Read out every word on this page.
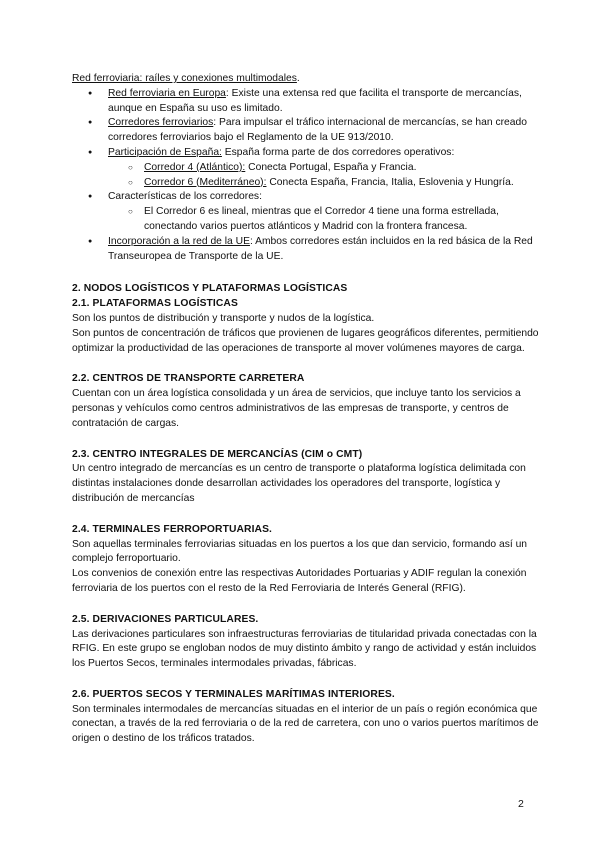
Red ferroviaria: raíles y conexiones multimodales.

● Red ferroviaria en Europa: Existe una extensa red que facilita el transporte de mercancías, aunque en España su uso es limitado.
● Corredores ferroviarios: Para impulsar el tráfico internacional de mercancías, se han creado corredores ferroviarios bajo el Reglamento de la UE 913/2010.
● Participación de España: España forma parte de dos corredores operativos:
○ Corredor 4 (Atlántico): Conecta Portugal, España y Francia.
○ Corredor 6 (Mediterráneo): Conecta España, Francia, Italia, Eslovenia y Hungría.
● Características de los corredores:
○ El Corredor 6 es lineal, mientras que el Corredor 4 tiene una forma estrellada, conectando varios puertos atlánticos y Madrid con la frontera francesa.
● Incorporación a la red de la UE: Ambos corredores están incluidos en la red básica de la Red Transeuropea de Transporte de la UE.

2. NODOS LOGÍSTICOS Y PLATAFORMAS LOGÍSTICAS

2.1. PLATAFORMAS LOGÍSTICAS

Son los puntos de distribución y transporte y nudos de la logística.

Son puntos de concentración de tráficos que provienen de lugares geográficos diferentes, permitiendo optimizar la productividad de las operaciones de transporte al mover volúmenes mayores de carga.

2.2. CENTROS DE TRANSPORTE CARRETERA

Cuentan con un área logística consolidada y un área de servicios, que incluye tanto los servicios a personas y vehículos como centros administrativos de las empresas de transporte, y centros de contratación de cargas.

2.3. CENTRO INTEGRALES DE MERCANCÍAS (CIM o CMT)

Un centro integrado de mercancías es un centro de transporte o plataforma logística delimitada con distintas instalaciones donde desarrollan actividades los operadores del transporte, logística y distribución de mercancías

2.4. TERMINALES FERROPORTUARIAS.

Son aquellas terminales ferroviarias situadas en los puertos a los que dan servicio, formando así un complejo ferroportuario.

Los convenios de conexión entre las respectivas Autoridades Portuarias y ADIF regulan la conexión ferroviaria de los puertos con el resto de la Red Ferroviaria de Interés General (RFIG).

2.5. DERIVACIONES PARTICULARES.

Las derivaciones particulares son infraestructuras ferroviarias de titularidad privada conectadas con la RFIG. En este grupo se engloban nodos de muy distinto ámbito y rango de actividad y están incluidos los Puertos Secos, terminales intermodales privadas, fábricas.

2.6. PUERTOS SECOS Y TERMINALES MARÍTIMAS INTERIORES.

Son terminales intermodales de mercancías situadas en el interior de un país o región económica que conectan, a través de la red ferroviaria o de la red de carretera, con uno o varios puertos marítimos de origen o destino de los tráficos tratados.

2
